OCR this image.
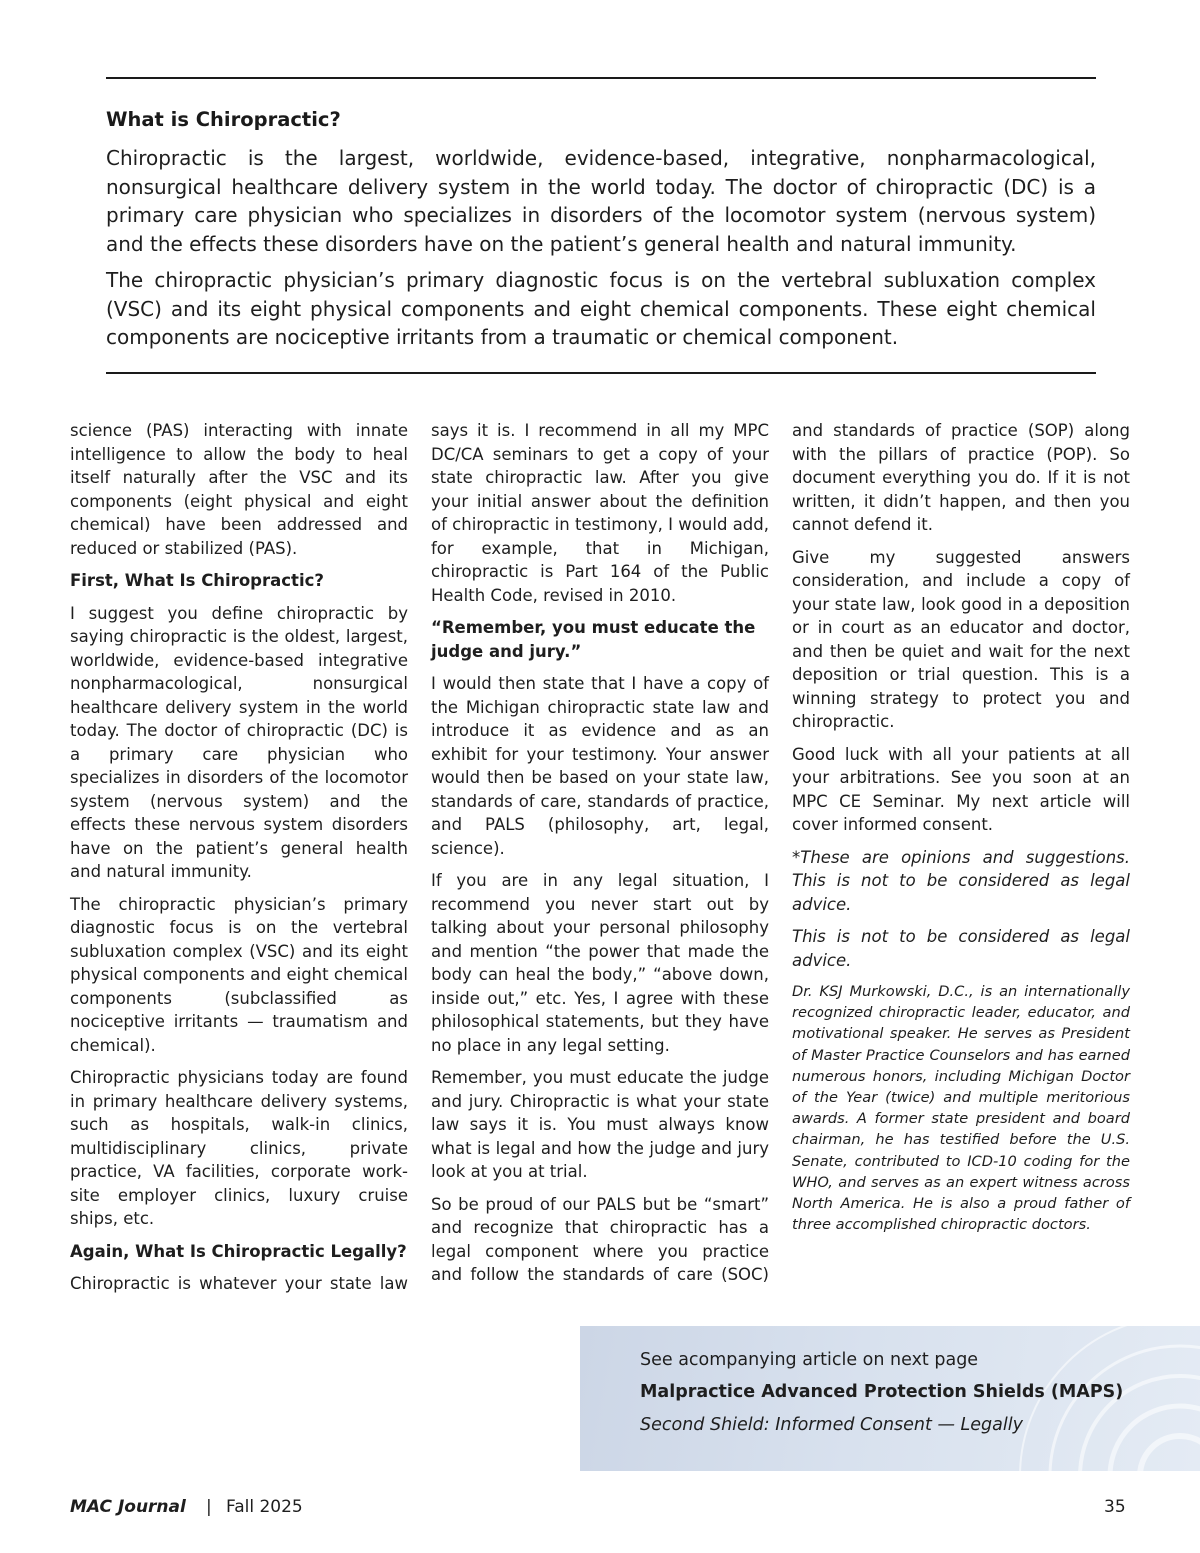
What is Chiropractic?

Chiropractic is the largest, worldwide, evidence-based, integrative, nonpharmacological, nonsurgical healthcare delivery system in the world today. The doctor of chiropractic (DC) is a primary care physician who specializes in disorders of the locomotor system (nervous system) and the effects these disorders have on the patient’s general health and natural immunity.

The chiropractic physician’s primary diagnostic focus is on the vertebral subluxation complex (VSC) and its eight physical components and eight chemical components. These eight chemical components are nociceptive irritants from a traumatic or chemical component.

science (PAS) interacting with innate intelligence to allow the body to heal itself naturally after the VSC and its components (eight physical and eight chemical) have been addressed and reduced or stabilized (PAS).

First, What Is Chiropractic?

I suggest you define chiropractic by saying chiropractic is the oldest, largest, worldwide, evidence-based integrative nonpharmacological, nonsurgical healthcare delivery system in the world today. The doctor of chiropractic (DC) is a primary care physician who specializes in disorders of the locomotor system (nervous system) and the effects these nervous system disorders have on the patient’s general health and natural immunity.

The chiropractic physician’s primary diagnostic focus is on the vertebral subluxation complex (VSC) and its eight physical components and eight chemical components (subclassified as nociceptive irritants — traumatism and chemical).

Chiropractic physicians today are found in primary healthcare delivery systems, such as hospitals, walk-in clinics, multidisciplinary clinics, private practice, VA facilities, corporate work-site employer clinics, luxury cruise ships, etc.

Again, What Is Chiropractic Legally?

Chiropractic is whatever your state law

says it is. I recommend in all my MPC DC/CA seminars to get a copy of your state chiropractic law. After you give your initial answer about the definition of chiropractic in testimony, I would add, for example, that in Michigan, chiropractic is Part 164 of the Public Health Code, revised in 2010.

“Remember, you must educate the judge and jury.”

I would then state that I have a copy of the Michigan chiropractic state law and introduce it as evidence and as an exhibit for your testimony. Your answer would then be based on your state law, standards of care, standards of practice, and PALS (philosophy, art, legal, science).

If you are in any legal situation, I recommend you never start out by talking about your personal philosophy and mention “the power that made the body can heal the body,” “above down, inside out,” etc. Yes, I agree with these philosophical statements, but they have no place in any legal setting.

Remember, you must educate the judge and jury. Chiropractic is what your state law says it is. You must always know what is legal and how the judge and jury look at you at trial.

So be proud of our PALS but be “smart” and recognize that chiropractic has a legal component where you practice and follow the standards of care (SOC)

and standards of practice (SOP) along with the pillars of practice (POP). So document everything you do. If it is not written, it didn’t happen, and then you cannot defend it.

Give my suggested answers consideration, and include a copy of your state law, look good in a deposition or in court as an educator and doctor, and then be quiet and wait for the next deposition or trial question. This is a winning strategy to protect you and chiropractic.

Good luck with all your patients at all your arbitrations. See you soon at an MPC CE Seminar. My next article will cover informed consent.

*These are opinions and suggestions. This is not to be considered as legal advice.

This is not to be considered as legal advice.

Dr. KSJ Murkowski, D.C., is an internationally recognized chiropractic leader, educator, and motivational speaker. He serves as President of Master Practice Counselors and has earned numerous honors, including Michigan Doctor of the Year (twice) and multiple meritorious awards. A former state president and board chairman, he has testified before the U.S. Senate, contributed to ICD-10 coding for the WHO, and serves as an expert witness across North America. He is also a proud father of three accomplished chiropractic doctors.

See acompanying article on next page

Malpractice Advanced Protection Shields (MAPS)

Second Shield: Informed Consent — Legally

MAC Journal | Fall 2025	35
